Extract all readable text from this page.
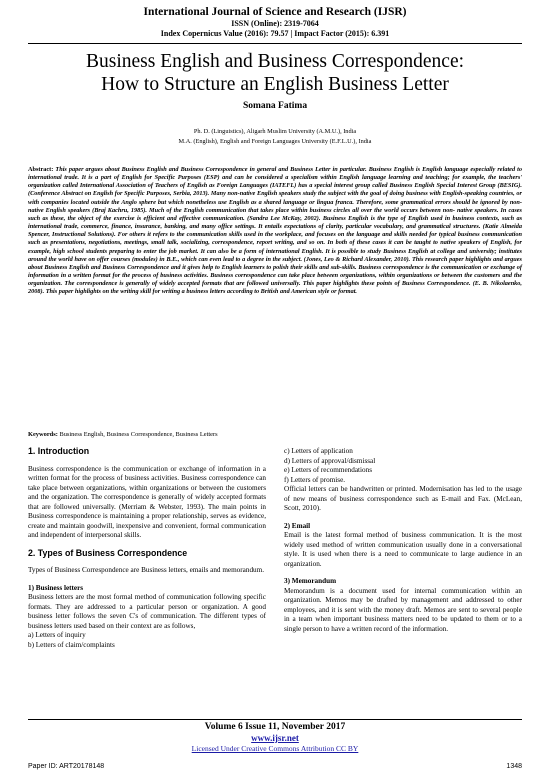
International Journal of Science and Research (IJSR)
ISSN (Online): 2319-7064
Index Copernicus Value (2016): 79.57 | Impact Factor (2015): 6.391
Business English and Business Correspondence:
How to Structure an English Business Letter
Somana Fatima
Ph. D. (Linguistics), Aligarh Muslim University (A.M.U.), India
M.A. (English), English and Foreign Languages University (E.F.L.U.), India
Abstract: This paper argues about Business English and Business Correspondence in general and Business Letter in particular. Business English is English language especially related to international trade. It is a part of English for Specific Purposes (ESP) and can be considered a specialism within English language learning and teaching; for example, the teachers' organization called International Association of Teachers of English as Foreign Languages (IATEFL) has a special interest group called Business English Special Interest Group (BESIG). (Conference Abstract on English for Specific Purposes, Serbia, 2013). Many non-native English speakers study the subject with the goal of doing business with English-speaking countries, or with companies located outside the Anglo sphere but which nonetheless use English as a shared language or lingua franca. Therefore, some grammatical errors should be ignored by non-native English speakers (Braj Kachru, 1985). Much of the English communication that takes place within business circles all over the world occurs between non- native speakers. In cases such as these, the object of the exercise is efficient and effective communication. (Sandra Lee McKay, 2002). Business English is the type of English used in business contexts, such as international trade, commerce, finance, insurance, banking, and many office settings. It entails expectations of clarity, particular vocabulary, and grammatical structures. (Katie Almeida Spencer, Instructional Solutions). For others it refers to the communication skills used in the workplace, and focuses on the language and skills needed for typical business communication such as presentations, negotiations, meetings, small talk, socializing, correspondence, report writing, and so on. In both of these cases it can be taught to native speakers of English, for example, high school students preparing to enter the job market. It can also be a form of international English. It is possible to study Business English at college and university; institutes around the world have on offer courses (modules) in B.E., which can even lead to a degree in the subject. (Jones, Leo & Richard Alexander, 2010). This research paper highlights and argues about Business English and Business Correspondence and it gives help to English learners to polish their skills and sub-skills. Business correspondence is the communication or exchange of information in a written format for the process of business activities. Business correspondence can take place between organizations, within organizations or between the customers and the organization. The correspondence is generally of widely accepted formats that are followed universally. This paper highlights these points of Business Correspondence. (E. B. Nikolaenko, 2008). This paper highlights on the writing skill for writing a business letters according to British and American style or format.
Keywords: Business English, Business Correspondence, Business Letters
1. Introduction

Business correspondence is the communication or exchange of information in a written format for the process of business activities. Business correspondence can take place between organizations, within organizations or between the customers and the organization. The correspondence is generally of widely accepted formats that are followed universally. (Merriam & Webster, 1993). The main points in Business correspondence is maintaining a proper relationship, serves as evidence, create and maintain goodwill, inexpensive and convenient, formal communication and independent of interpersonal skills.

2. Types of Business Correspondence

Types of Business Correspondence are Business letters, emails and memorandum.

1) Business letters

Business letters are the most formal method of communication following specific formats. They are addressed to a particular person or organization. A good business letter follows the seven C's of communication. The different types of business letters used based on their context are as follows,

a) Letters of inquiry
b) Letters of claim/complaints
c) Letters of application
d) Letters of approval/dismissal
e) Letters of recommendations
f) Letters of promise.

Official letters can be handwritten or printed. Modernisation has led to the usage of new means of business correspondence such as E-mail and Fax. (McLean, Scott, 2010).

2) Email

Email is the latest formal method of business communication. It is the most widely used method of written communication usually done in a conversational style. It is used when there is a need to communicate to large audience in an organization.

3) Memorandum

Memorandum is a document used for internal communication within an organization. Memos may be drafted by management and addressed to other employees, and it is sent with the money draft. Memos are sent to several people in a team when important business matters need to be updated to them or to a single person to have a written record of the information.

Volume 6 Issue 11, November 2017
www.ijsr.net
Licensed Under Creative Commons Attribution CC BY
Paper ID: ART20178148	1348
